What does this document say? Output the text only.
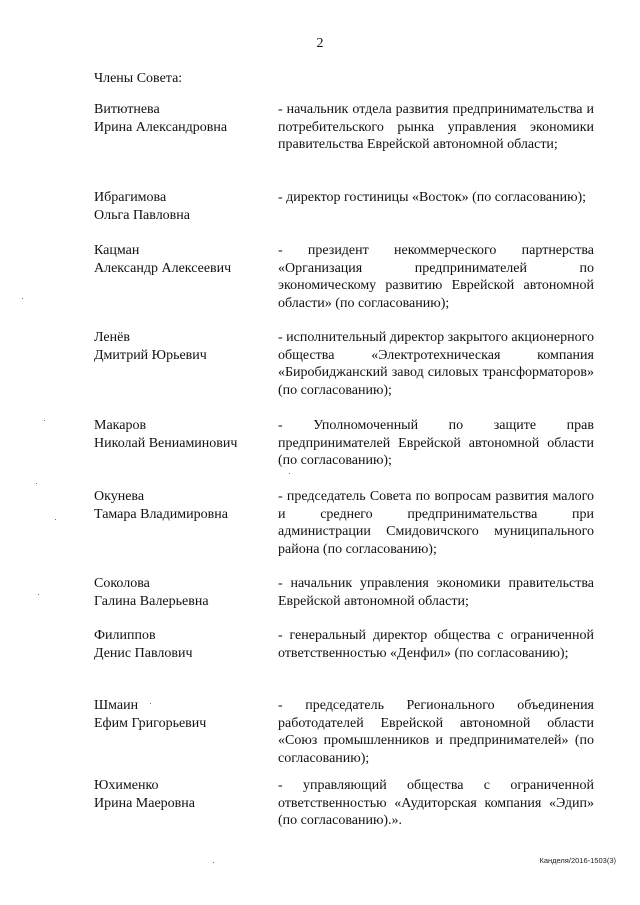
2
Члены Совета:
Витютнева
Ирина Александровна
- начальник отдела развития предпринимательства и потребительского рынка управления экономики правительства Еврейской автономной области;
Ибрагимова
Ольга Павловна
- директор гостиницы «Восток» (по согласованию);
Кацман
Александр Алексеевич
- президент некоммерческого партнерства «Организация предпринимателей по экономическому развитию Еврейской автономной области» (по согласованию);
Ленёв
Дмитрий Юрьевич
- исполнительный директор закрытого акционерного общества «Электротехническая компания «Биробиджанский завод силовых трансформаторов» (по согласованию);
Макаров
Николай Вениаминович
- Уполномоченный по защите прав предпринимателей Еврейской автономной области (по согласованию);
Окунева
Тамара Владимировна
- председатель Совета по вопросам развития малого и среднего предпринимательства при администрации Смидовичского муниципального района (по согласованию);
Соколова
Галина Валерьевна
- начальник управления экономики правительства Еврейской автономной области;
Филиппов
Денис Павлович
- генеральный директор общества с ограниченной ответственностью «Денфил» (по согласованию);
Шмаин
Ефим Григорьевич
- председатель Регионального объединения работодателей Еврейской автономной области «Союз промышленников и предпринимателей» (по согласованию);
Юхименко
Ирина Маеровна
- управляющий общества с ограниченной ответственностью «Аудиторская компания «Эдип» (по согласованию).».
Канделя/2016-1503(3)
